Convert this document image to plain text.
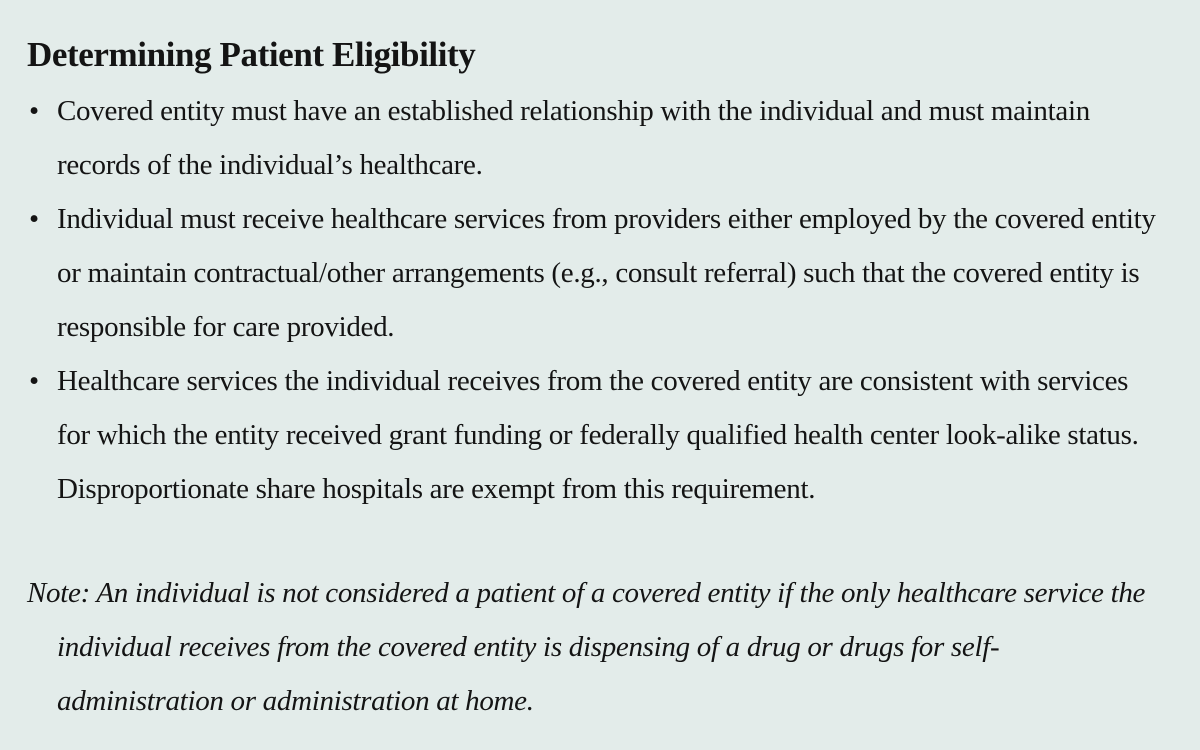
Determining Patient Eligibility
• Covered entity must have an established relationship with the individual and must maintain records of the individual’s healthcare.
• Individual must receive healthcare services from providers either employed by the covered entity or maintain contractual/other arrangements (e.g., consult referral) such that the covered entity is responsible for care provided.
• Healthcare services the individual receives from the covered entity are consistent with services for which the entity received grant funding or federally qualified health center look-alike status. Disproportionate share hospitals are exempt from this requirement.

Note: An individual is not considered a patient of a covered entity if the only healthcare service the individual receives from the covered entity is dispensing of a drug or drugs for self-administration or administration at home.
